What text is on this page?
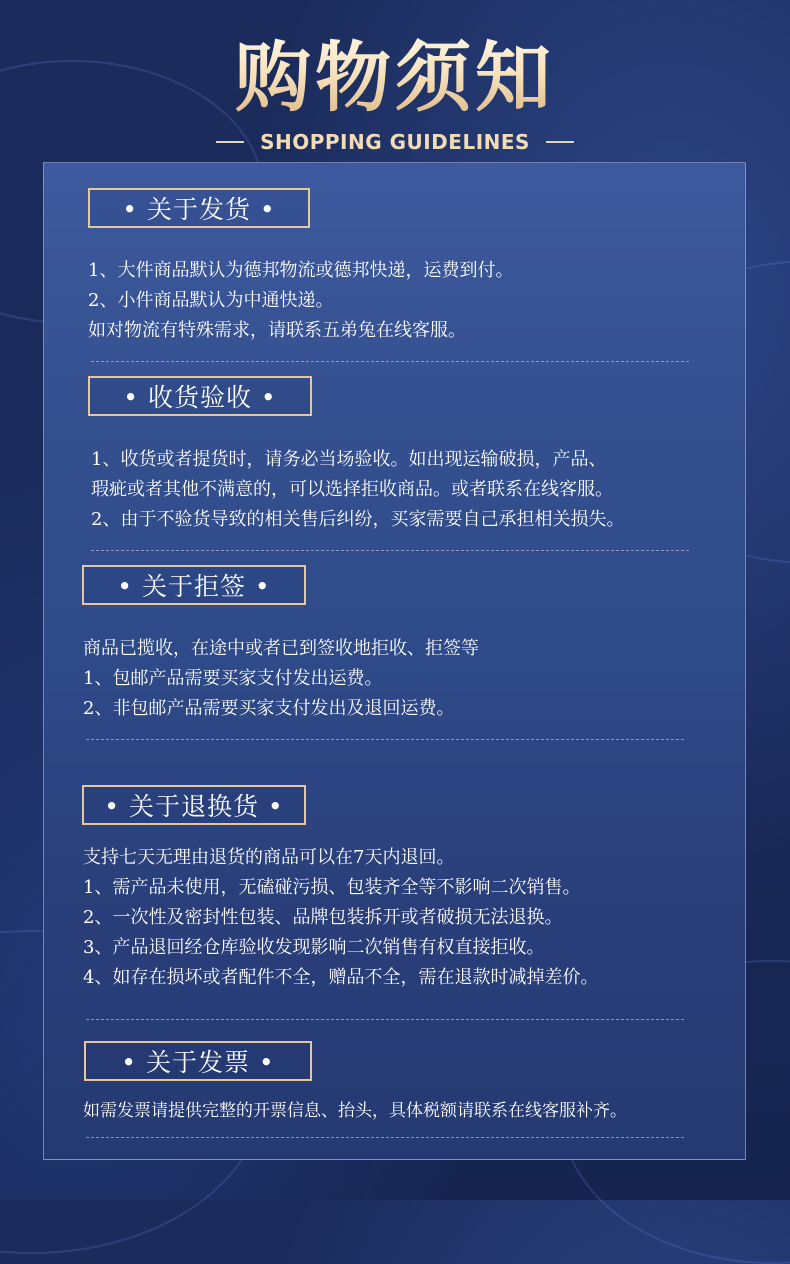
购物须知
SHOPPING GUIDELINES
• 关于发货 •
1、大件商品默认为德邦物流或德邦快递，运费到付。
2、小件商品默认为中通快递。
如对物流有特殊需求，请联系五弟兔在线客服。
• 收货验收 •
1、收货或者提货时，请务必当场验收。如出现运输破损，产品、
瑕疵或者其他不满意的，可以选择拒收商品。或者联系在线客服。
2、由于不验货导致的相关售后纠纷，买家需要自己承担相关损失。
• 关于拒签 •
商品已揽收，在途中或者已到签收地拒收、拒签等
1、包邮产品需要买家支付发出运费。
2、非包邮产品需要买家支付发出及退回运费。
• 关于退换货 •
支持七天无理由退货的商品可以在7天内退回。
1、需产品未使用，无磕碰污损、包装齐全等不影响二次销售。
2、一次性及密封性包装、品牌包装拆开或者破损无法退换。
3、产品退回经仓库验收发现影响二次销售有权直接拒收。
4、如存在损坏或者配件不全，赠品不全，需在退款时减掉差价。
• 关于发票 •
如需发票请提供完整的开票信息、抬头，具体税额请联系在线客服补齐。
